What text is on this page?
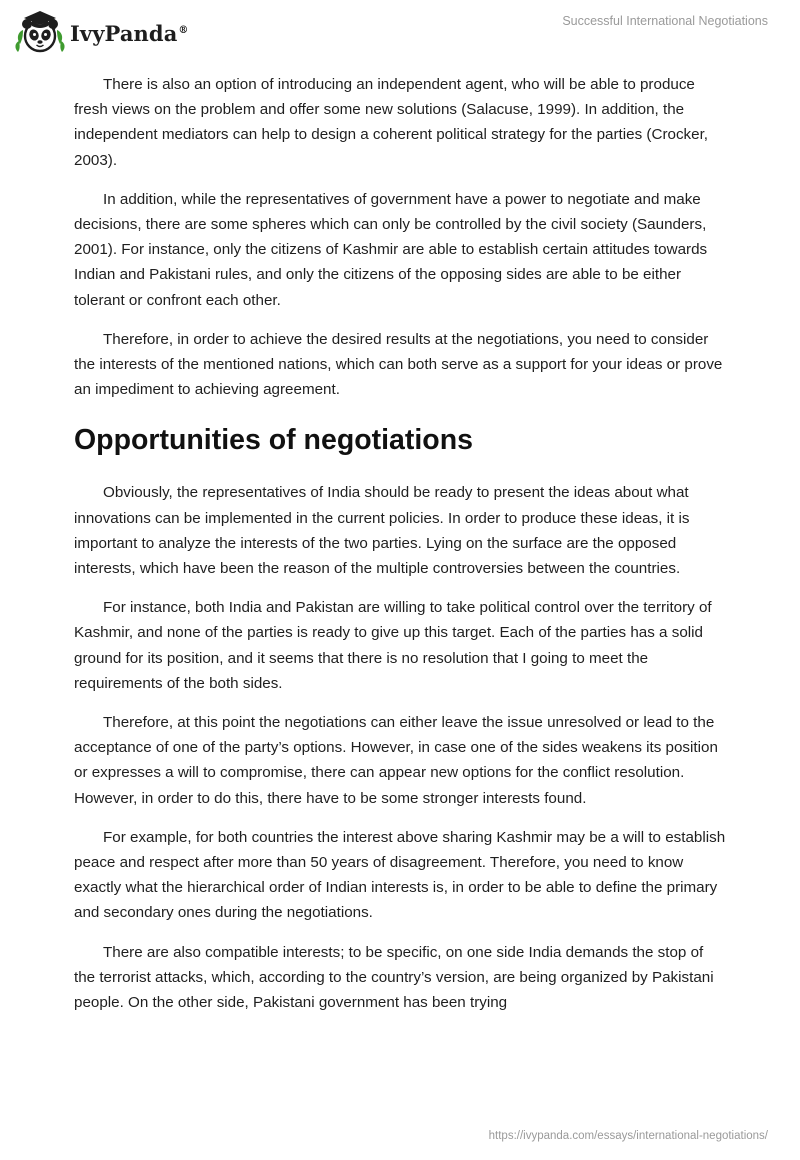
IvyPanda®
Successful International Negotiations

There is also an option of introducing an independent agent, who will be able to produce fresh views on the problem and offer some new solutions (Salacuse, 1999). In addition, the independent mediators can help to design a coherent political strategy for the parties (Crocker, 2003).

In addition, while the representatives of government have a power to negotiate and make decisions, there are some spheres which can only be controlled by the civil society (Saunders, 2001). For instance, only the citizens of Kashmir are able to establish certain attitudes towards Indian and Pakistani rules, and only the citizens of the opposing sides are able to be either tolerant or confront each other.

Therefore, in order to achieve the desired results at the negotiations, you need to consider the interests of the mentioned nations, which can both serve as a support for your ideas or prove an impediment to achieving agreement.

Opportunities of negotiations

Obviously, the representatives of India should be ready to present the ideas about what innovations can be implemented in the current policies. In order to produce these ideas, it is important to analyze the interests of the two parties. Lying on the surface are the opposed interests, which have been the reason of the multiple controversies between the countries.

For instance, both India and Pakistan are willing to take political control over the territory of Kashmir, and none of the parties is ready to give up this target. Each of the parties has a solid ground for its position, and it seems that there is no resolution that I going to meet the requirements of the both sides.

Therefore, at this point the negotiations can either leave the issue unresolved or lead to the acceptance of one of the party’s options. However, in case one of the sides weakens its position or expresses a will to compromise, there can appear new options for the conflict resolution. However, in order to do this, there have to be some stronger interests found.

For example, for both countries the interest above sharing Kashmir may be a will to establish peace and respect after more than 50 years of disagreement. Therefore, you need to know exactly what the hierarchical order of Indian interests is, in order to be able to define the primary and secondary ones during the negotiations.

There are also compatible interests; to be specific, on one side India demands the stop of the terrorist attacks, which, according to the country’s version, are being organized by Pakistani people. On the other side, Pakistani government has been trying

https://ivypanda.com/essays/international-negotiations/
